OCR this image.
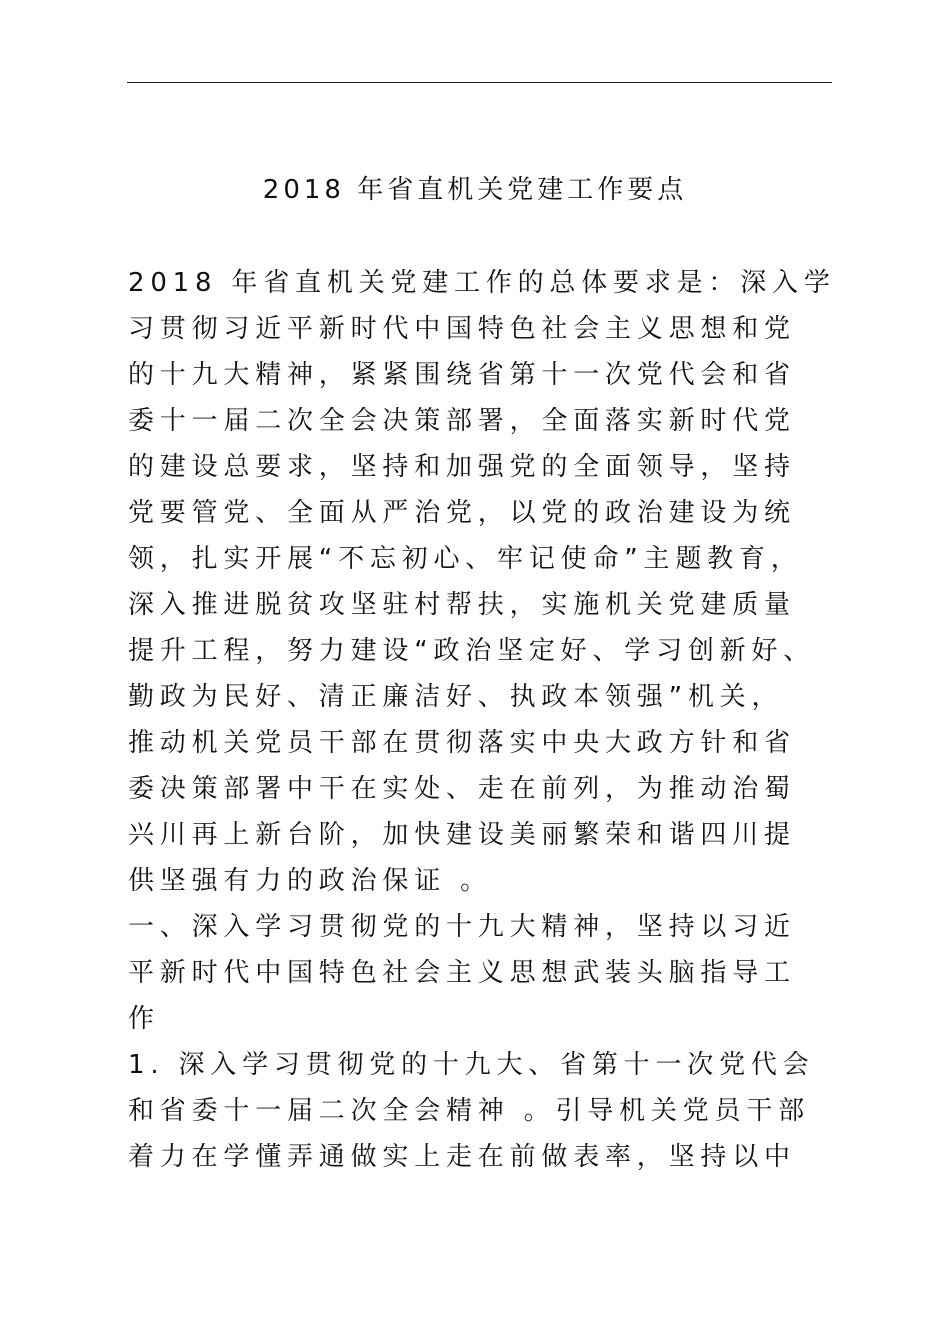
2018 年省直机关党建工作要点
2018 年省直机关党建工作的总体要求是：深入学
习贯彻习近平新时代中国特色社会主义思想和党
的十九大精神，紧紧围绕省第十一次党代会和省
委十一届二次全会决策部署，全面落实新时代党
的建设总要求，坚持和加强党的全面领导，坚持
党要管党、全面从严治党，以党的政治建设为统
领，扎实开展“不忘初心、牢记使命”主题教育，
深入推进脱贫攻坚驻村帮扶，实施机关党建质量
提升工程，努力建设“政治坚定好、学习创新好、
勤政为民好、清正廉洁好、执政本领强”机关，
推动机关党员干部在贯彻落实中央大政方针和省
委决策部署中干在实处、走在前列，为推动治蜀
兴川再上新台阶，加快建设美丽繁荣和谐四川提
供坚强有力的政治保证 。
一、深入学习贯彻党的十九大精神，坚持以习近
平新时代中国特色社会主义思想武装头脑指导工
作
1. 深入学习贯彻党的十九大、省第十一次党代会
和省委十一届二次全会精神 。引导机关党员干部
着力在学懂弄通做实上走在前做表率，坚持以中
